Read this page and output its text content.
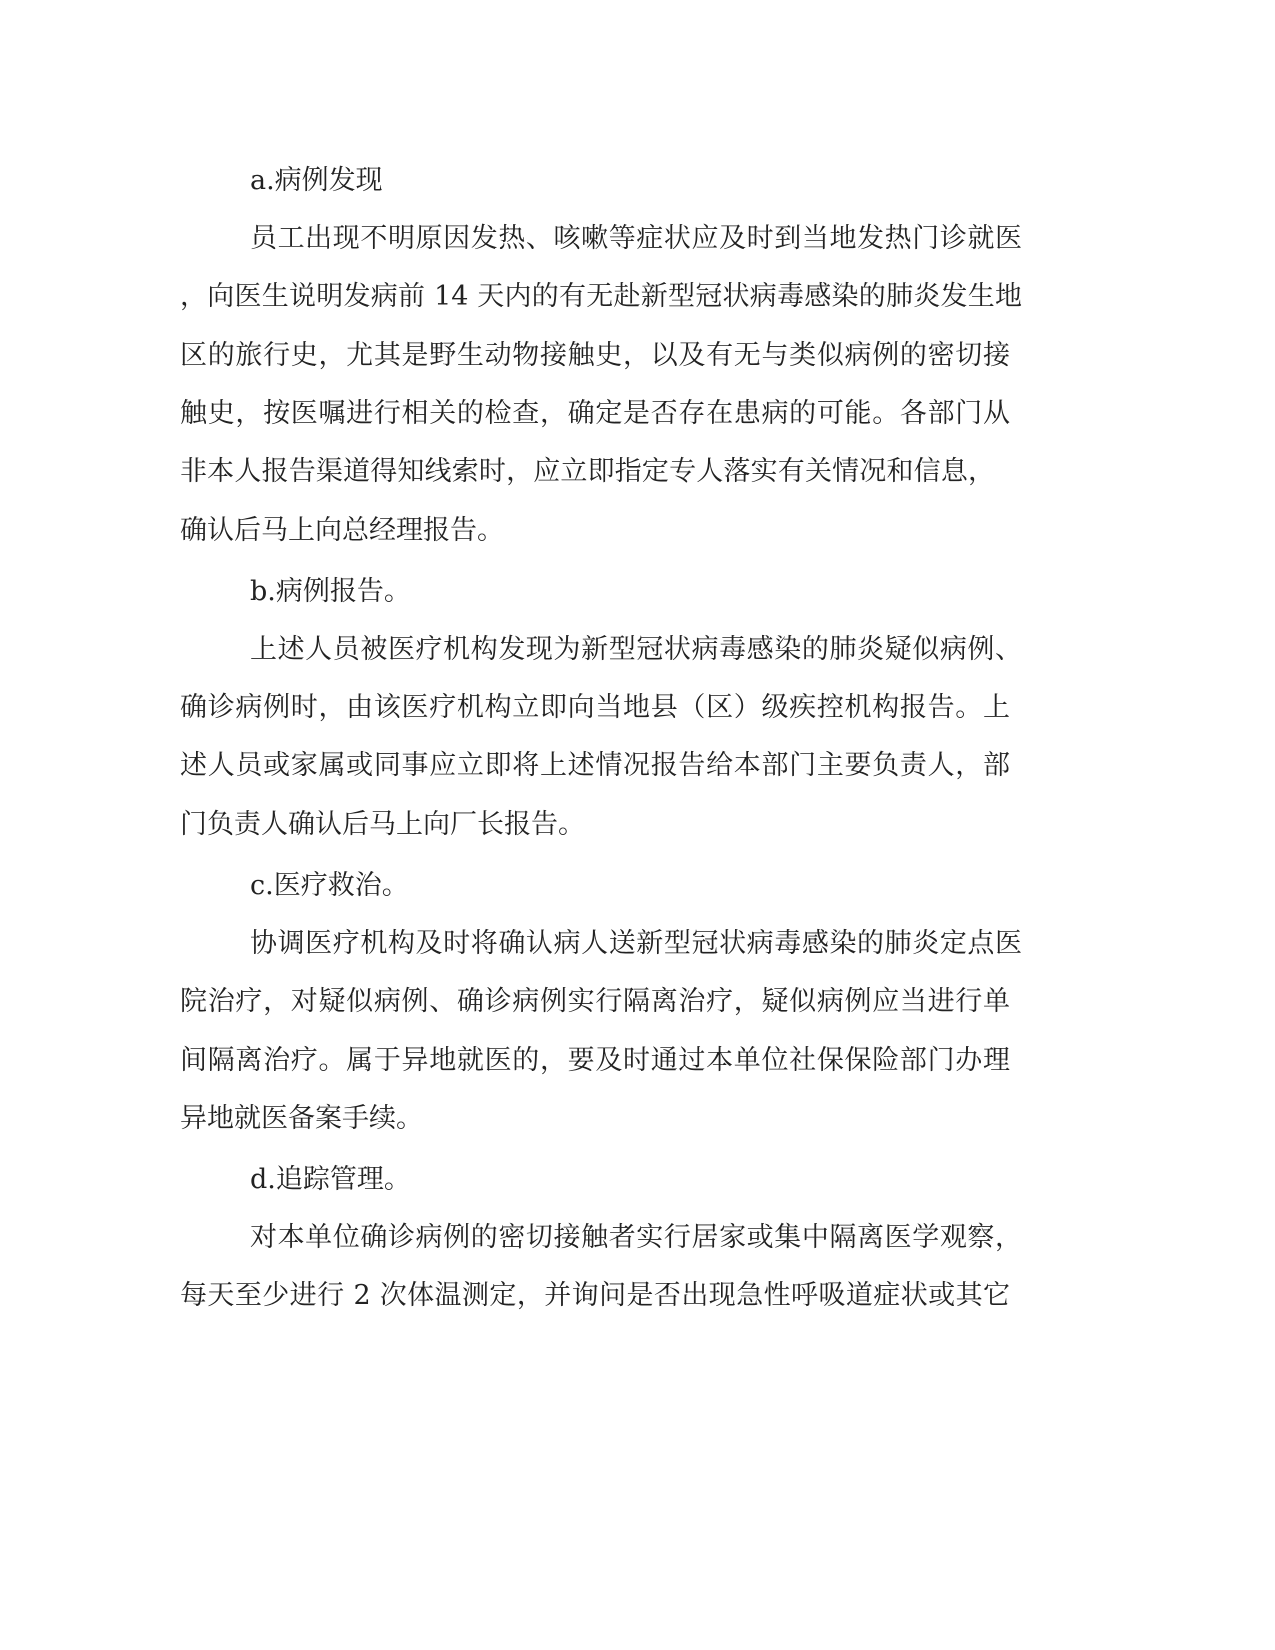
a.病例发现
员工出现不明原因发热、咳嗽等症状应及时到当地发热门诊就医
，向医生说明发病前 14 天内的有无赴新型冠状病毒感染的肺炎发生地
区的旅行史，尤其是野生动物接触史，以及有无与类似病例的密切接
触史，按医嘱进行相关的检查，确定是否存在患病的可能。各部门从
非本人报告渠道得知线索时，应立即指定专人落实有关情况和信息，
确认后马上向总经理报告。
b.病例报告。
上述人员被医疗机构发现为新型冠状病毒感染的肺炎疑似病例、
确诊病例时，由该医疗机构立即向当地县（区）级疾控机构报告。上
述人员或家属或同事应立即将上述情况报告给本部门主要负责人，部
门负责人确认后马上向厂长报告。
c.医疗救治。
协调医疗机构及时将确认病人送新型冠状病毒感染的肺炎定点医
院治疗，对疑似病例、确诊病例实行隔离治疗，疑似病例应当进行单
间隔离治疗。属于异地就医的，要及时通过本单位社保保险部门办理
异地就医备案手续。
d.追踪管理。
对本单位确诊病例的密切接触者实行居家或集中隔离医学观察，
每天至少进行 2 次体温测定，并询问是否出现急性呼吸道症状或其它
